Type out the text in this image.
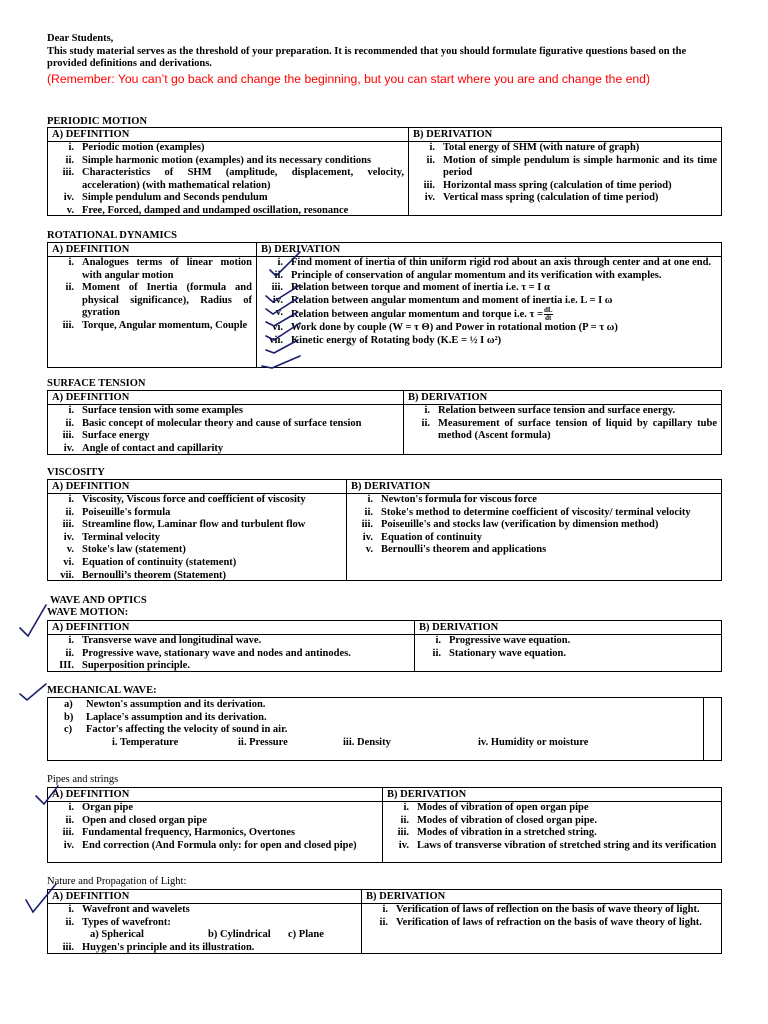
Dear Students,

This study material serves as the threshold of your preparation. It is recommended that you should formulate figurative questions based on the provided definitions and derivations.

(Remember: You can’t go back and change the beginning, but you can start where you are and change the end)
PERIODIC MOTION
A) DEFINITION
i. Periodic motion (examples)
ii. Simple harmonic motion (examples) and its necessary conditions
iii. Characteristics of SHM (amplitude, displacement, velocity, acceleration) (with mathematical relation)
iv. Simple pendulum and Seconds pendulum
v. Free, Forced, damped and undamped oscillation, resonance
B) DERIVATION
i. Total energy of SHM (with nature of graph)
ii. Motion of simple pendulum is simple harmonic and its time period
iii. Horizontal mass spring (calculation of time period)
iv. Vertical mass spring (calculation of time period)
ROTATIONAL DYNAMICS
A) DEFINITION
i. Analogues terms of linear motion with angular motion
ii. Moment of Inertia (formula and physical significance), Radius of gyration
iii. Torque, Angular momentum, Couple
B) DERIVATION
i. Find moment of inertia of thin uniform rigid rod about an axis through center and at one end.
ii. Principle of conservation of angular momentum and its verification with examples.
iii. Relation between torque and moment of inertia i.e. τ = I α
iv. Relation between angular momentum and moment of inertia i.e. L = I ω
v. Relation between angular momentum and torque i.e. $\tau = \frac{dL}{dt}$
vi. Work done by couple (W = τ Θ) and Power in rotational motion (P = τ ω)
vii. Kinetic energy of Rotating body (K.E = ½ I ω²)
SURFACE TENSION
A) DEFINITION
i. Surface tension with some examples
ii. Basic concept of molecular theory and cause of surface tension
iii. Surface energy
iv. Angle of contact and capillarity
B) DERIVATION
i. Relation between surface tension and surface energy.
ii. Measurement of surface tension of liquid by capillary tube method (Ascent formula)
VISCOSITY
A) DEFINITION
i. Viscosity, Viscous force and coefficient of viscosity
ii. Poiseuille's formula
iii. Streamline flow, Laminar flow and turbulent flow
iv. Terminal velocity
v. Stoke's law (statement)
vi. Equation of continuity (statement)
vii. Bernoulli’s theorem (Statement)
B) DERIVATION
i. Newton's formula for viscous force
ii. Stoke's method to determine coefficient of viscosity/ terminal velocity
iii. Poiseuille's and stocks law (verification by dimension method)
iv. Equation of continuity
v. Bernoulli's theorem and applications
WAVE AND OPTICS
WAVE MOTION:
A) DEFINITION
i. Transverse wave and longitudinal wave.
ii. Progressive wave, stationary wave and nodes and antinodes.
III. Superposition principle.
B) DERIVATION
i. Progressive wave equation.
ii. Stationary wave equation.
MECHANICAL WAVE:
a)	Newton's assumption and its derivation.
b)	Laplace's assumption and its derivation.
c)	Factor's affecting the velocity of sound in air.
i. Temperature	ii. Pressure	iii. Density	iv. Humidity or moisture
Pipes and strings
A) DEFINITION
i. Organ pipe
ii. Open and closed organ pipe
iii. Fundamental frequency, Harmonics, Overtones
iv. End correction (And Formula only: for open and closed pipe)
B) DERIVATION
i. Modes of vibration of open organ pipe
ii. Modes of vibration of closed organ pipe.
iii. Modes of vibration in a stretched string.
iv. Laws of transverse vibration of stretched string and its verification
Nature and Propagation of Light:
A) DEFINITION
i. Wavefront and wavelets
ii. Types of wavefront:
a) Spherical	b) Cylindrical c) Plane
iii. Huygen's principle and its illustration.
B) DERIVATION
i. Verification of laws of reflection on the basis of wave theory of light.
ii. Verification of laws of refraction on the basis of wave theory of light.
